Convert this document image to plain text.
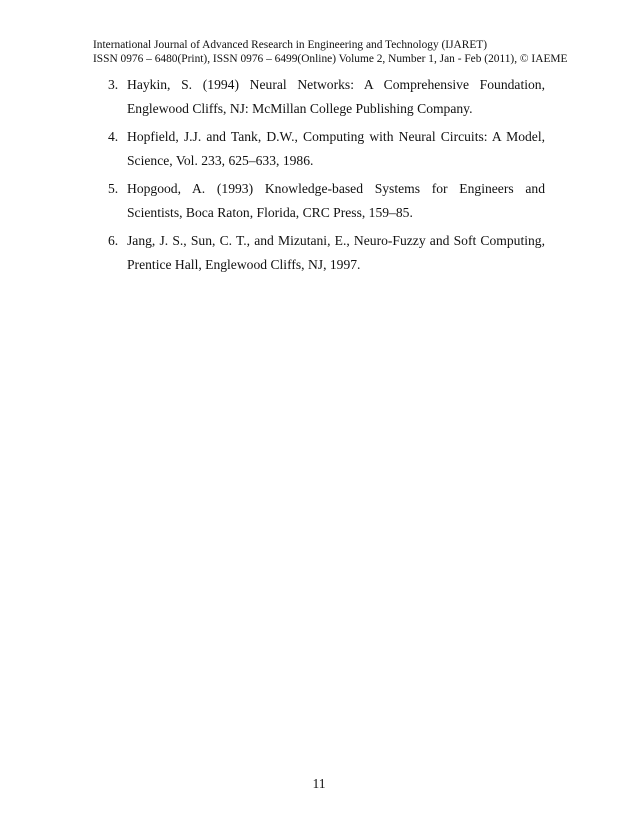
International Journal of Advanced Research in Engineering and Technology (IJARET)
ISSN 0976 – 6480(Print), ISSN 0976 – 6499(Online) Volume 2, Number 1, Jan - Feb (2011), © IAEME
3. Haykin, S. (1994) Neural Networks: A Comprehensive Foundation, Englewood Cliffs, NJ: McMillan College Publishing Company.
4. Hopfield, J.J. and Tank, D.W., Computing with Neural Circuits: A Model, Science, Vol. 233, 625–633, 1986.
5. Hopgood, A. (1993) Knowledge-based Systems for Engineers and Scientists, Boca Raton, Florida, CRC Press, 159–85.
6. Jang, J. S., Sun, C. T., and Mizutani, E., Neuro-Fuzzy and Soft Computing, Prentice Hall, Englewood Cliffs, NJ, 1997.
11
